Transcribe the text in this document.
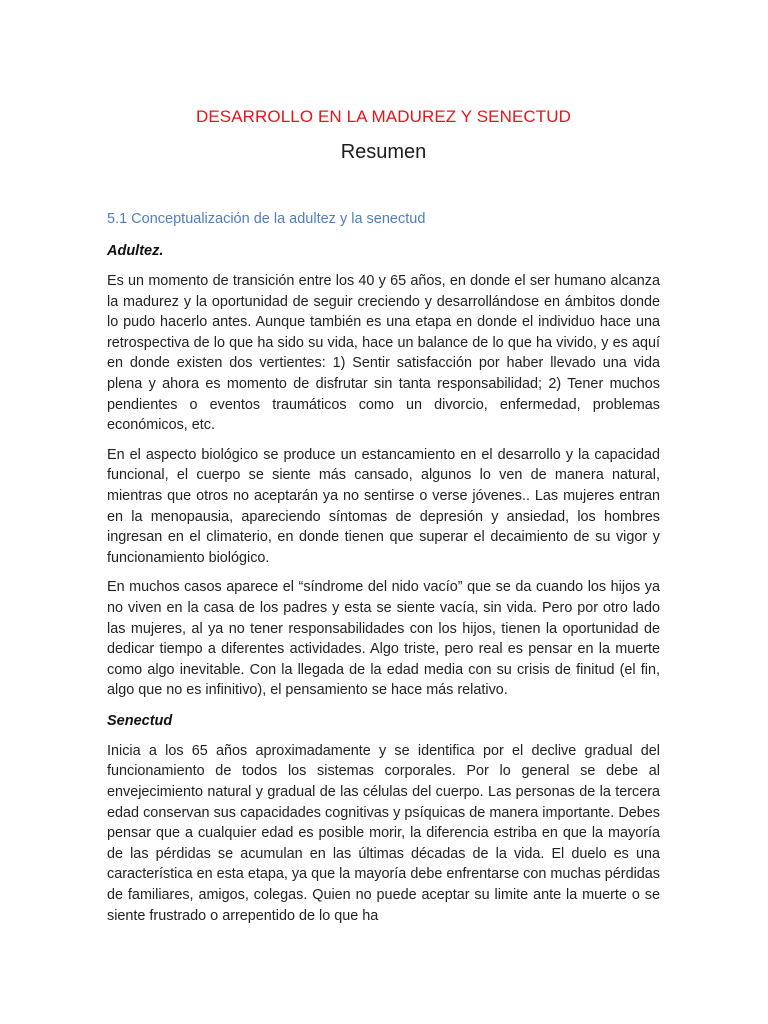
DESARROLLO EN LA MADUREZ Y SENECTUD
Resumen
5.1 Conceptualización de la adultez y la senectud
Adultez.

Es un momento de transición entre los 40 y 65 años, en donde el ser humano alcanza la madurez y la oportunidad de seguir creciendo y desarrollándose en ámbitos donde lo pudo hacerlo antes. Aunque también es una etapa en donde el individuo hace una retrospectiva de lo que ha sido su vida, hace un balance de lo que ha vivido, y es aquí en donde existen dos vertientes: 1) Sentir satisfacción por haber llevado una vida plena y ahora es momento de disfrutar sin tanta responsabilidad; 2) Tener muchos pendientes o eventos traumáticos como un divorcio, enfermedad, problemas económicos, etc.

En el aspecto biológico se produce un estancamiento en el desarrollo y la capacidad funcional, el cuerpo se siente más cansado, algunos lo ven de manera natural, mientras que otros no aceptarán ya no sentirse o verse jóvenes.. Las mujeres entran en la menopausia, apareciendo síntomas de depresión y ansiedad, los hombres ingresan en el climaterio, en donde tienen que superar el decaimiento de su vigor y funcionamiento biológico.

En muchos casos aparece el “síndrome del nido vacío” que se da cuando los hijos ya no viven en la casa de los padres y esta se siente vacía, sin vida. Pero por otro lado las mujeres, al ya no tener responsabilidades con los hijos, tienen la oportunidad de dedicar tiempo a diferentes actividades. Algo triste, pero real es pensar en la muerte como algo inevitable. Con la llegada de la edad media con su crisis de finitud (el fin, algo que no es infinitivo), el pensamiento se hace más relativo.

Senectud

Inicia a los 65 años aproximadamente y se identifica por el declive gradual del funcionamiento de todos los sistemas corporales. Por lo general se debe al envejecimiento natural y gradual de las células del cuerpo. Las personas de la tercera edad conservan sus capacidades cognitivas y psíquicas de manera importante. Debes pensar que a cualquier edad es posible morir, la diferencia estriba en que la mayoría de las pérdidas se acumulan en las últimas décadas de la vida. El duelo es una característica en esta etapa, ya que la mayoría debe enfrentarse con muchas pérdidas de familiares, amigos, colegas. Quien no puede aceptar su limite ante la muerte o se siente frustrado o arrepentido de lo que ha
